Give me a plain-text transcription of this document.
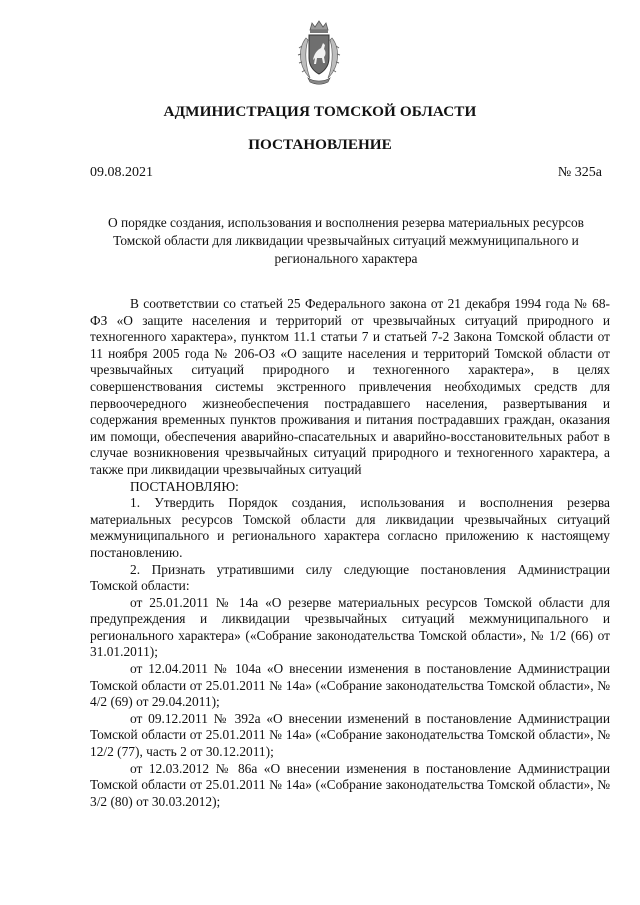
АДМИНИСТРАЦИЯ ТОМСКОЙ ОБЛАСТИ
ПОСТАНОВЛЕНИЕ
09.08.2021	№ 325а
О порядке создания, использования и восполнения резерва материальных ресурсов Томской области для ликвидации чрезвычайных ситуаций межмуниципального и регионального характера

В соответствии со статьей 25 Федерального закона от 21 декабря 1994 года № 68-ФЗ «О защите населения и территорий от чрезвычайных ситуаций природного и техногенного характера», пунктом 11.1 статьи 7 и статьей 7-2 Закона Томской области от 11 ноября 2005 года № 206-ОЗ «О защите населения и территорий Томской области от чрезвычайных ситуаций природного и техногенного характера», в целях совершенствования системы экстренного привлечения необходимых средств для первоочередного жизнеобеспечения пострадавшего населения, развертывания и содержания временных пунктов проживания и питания пострадавших граждан, оказания им помощи, обеспечения аварийно-спасательных и аварийно-восстановительных работ в случае возникновения чрезвычайных ситуаций природного и техногенного характера, а также при ликвидации чрезвычайных ситуаций

ПОСТАНОВЛЯЮ:

1. Утвердить Порядок создания, использования и восполнения резерва материальных ресурсов Томской области для ликвидации чрезвычайных ситуаций межмуниципального и регионального характера согласно приложению к настоящему постановлению.

2. Признать утратившими силу следующие постановления Администрации Томской области:

от 25.01.2011 № 14а «О резерве материальных ресурсов Томской области для предупреждения и ликвидации чрезвычайных ситуаций межмуниципального и регионального характера» («Собрание законодательства Томской области», № 1/2 (66) от 31.01.2011);

от 12.04.2011 № 104а «О внесении изменения в постановление Администрации Томской области от 25.01.2011 № 14а» («Собрание законодательства Томской области», № 4/2 (69) от 29.04.2011);

от 09.12.2011 № 392а «О внесении изменений в постановление Администрации Томской области от 25.01.2011 № 14а» («Собрание законодательства Томской области», № 12/2 (77), часть 2 от 30.12.2011);

от 12.03.2012 № 86а «О внесении изменения в постановление Администрации Томской области от 25.01.2011 № 14а» («Собрание законодательства Томской области», № 3/2 (80) от 30.03.2012);
